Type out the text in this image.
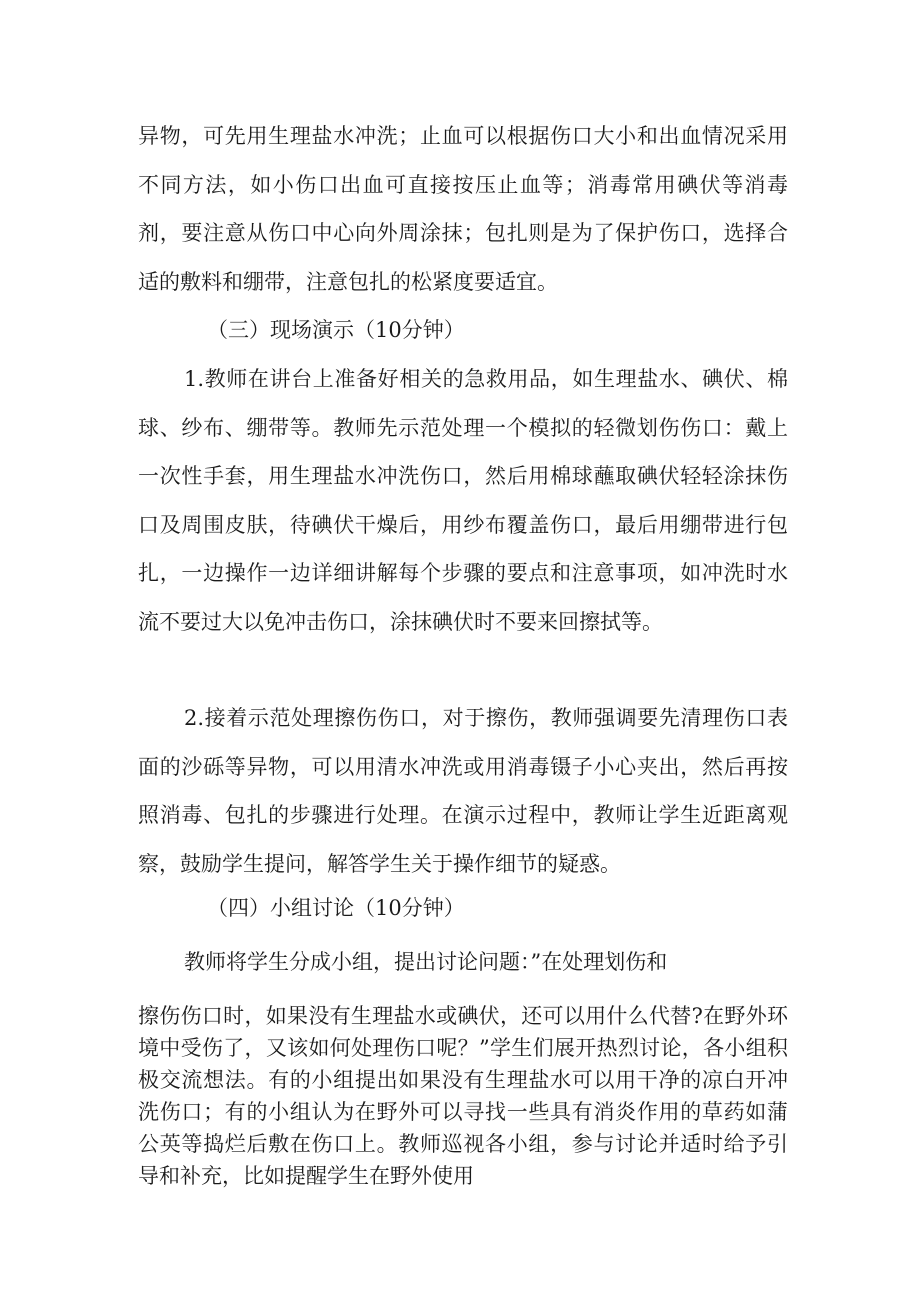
异物，可先用生理盐水冲洗；止血可以根据伤口大小和出血情况采用不同方法，如小伤口出血可直接按压止血等；消毒常用碘伏等消毒剂，要注意从伤口中心向外周涂抹；包扎则是为了保护伤口，选择合适的敷料和绷带，注意包扎的松紧度要适宜。

（三）现场演示（10分钟）

1.教师在讲台上准备好相关的急救用品，如生理盐水、碘伏、棉球、纱布、绷带等。教师先示范处理一个模拟的轻微划伤伤口：戴上一次性手套，用生理盐水冲洗伤口，然后用棉球蘸取碘伏轻轻涂抹伤口及周围皮肤，待碘伏干燥后，用纱布覆盖伤口，最后用绷带进行包扎，一边操作一边详细讲解每个步骤的要点和注意事项，如冲洗时水流不要过大以免冲击伤口，涂抹碘伏时不要来回擦拭等。

2.接着示范处理擦伤伤口，对于擦伤，教师强调要先清理伤口表面的沙砾等异物，可以用清水冲洗或用消毒镊子小心夹出，然后再按照消毒、包扎的步骤进行处理。在演示过程中，教师让学生近距离观察，鼓励学生提问，解答学生关于操作细节的疑惑。

（四）小组讨论（10分钟）

教师将学生分成小组，提出讨论问题：”在处理划伤和

擦伤伤口时，如果没有生理盐水或碘伏，还可以用什么代替?在野外环境中受伤了，又该如何处理伤口呢？”学生们展开热烈讨论，各小组积极交流想法。有的小组提出如果没有生理盐水可以用干净的凉白开冲洗伤口；有的小组认为在野外可以寻找一些具有消炎作用的草药如蒲公英等捣烂后敷在伤口上。教师巡视各小组，参与讨论并适时给予引导和补充，比如提醒学生在野外使用
